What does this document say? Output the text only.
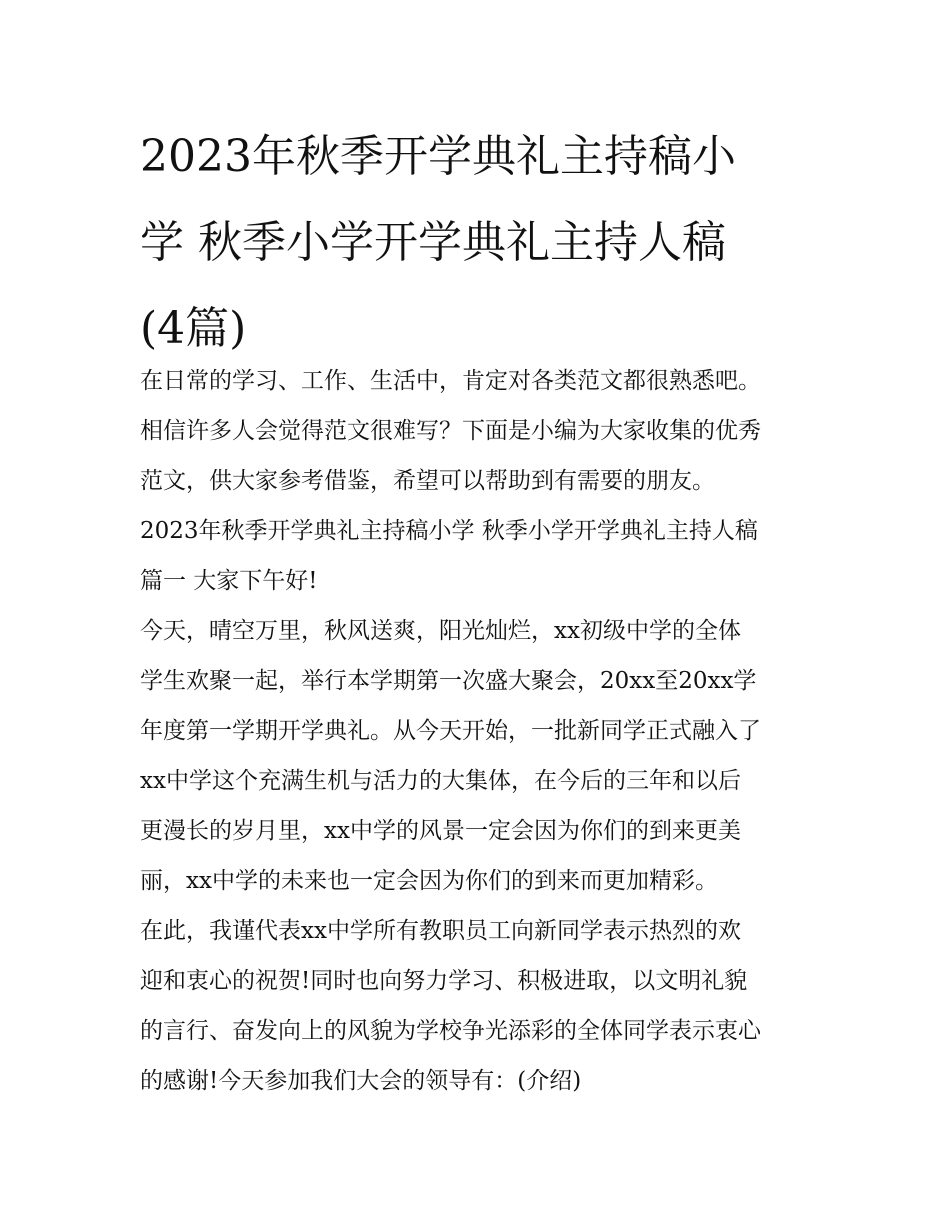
2023年秋季开学典礼主持稿小
学 秋季小学开学典礼主持人稿
(4篇)
在日常的学习、工作、生活中，肯定对各类范文都很熟悉吧。
相信许多人会觉得范文很难写？下面是小编为大家收集的优秀
范文，供大家参考借鉴，希望可以帮助到有需要的朋友。
2023年秋季开学典礼主持稿小学 秋季小学开学典礼主持人稿
篇一 大家下午好!
今天，晴空万里，秋风送爽，阳光灿烂，xx初级中学的全体
学生欢聚一起，举行本学期第一次盛大聚会，20xx至20xx学
年度第一学期开学典礼。从今天开始，一批新同学正式融入了
xx中学这个充满生机与活力的大集体，在今后的三年和以后
更漫长的岁月里，xx中学的风景一定会因为你们的到来更美
丽，xx中学的未来也一定会因为你们的到来而更加精彩。
在此，我谨代表xx中学所有教职员工向新同学表示热烈的欢
迎和衷心的祝贺!同时也向努力学习、积极进取，以文明礼貌
的言行、奋发向上的风貌为学校争光添彩的全体同学表示衷心
的感谢!今天参加我们大会的领导有：(介绍)
